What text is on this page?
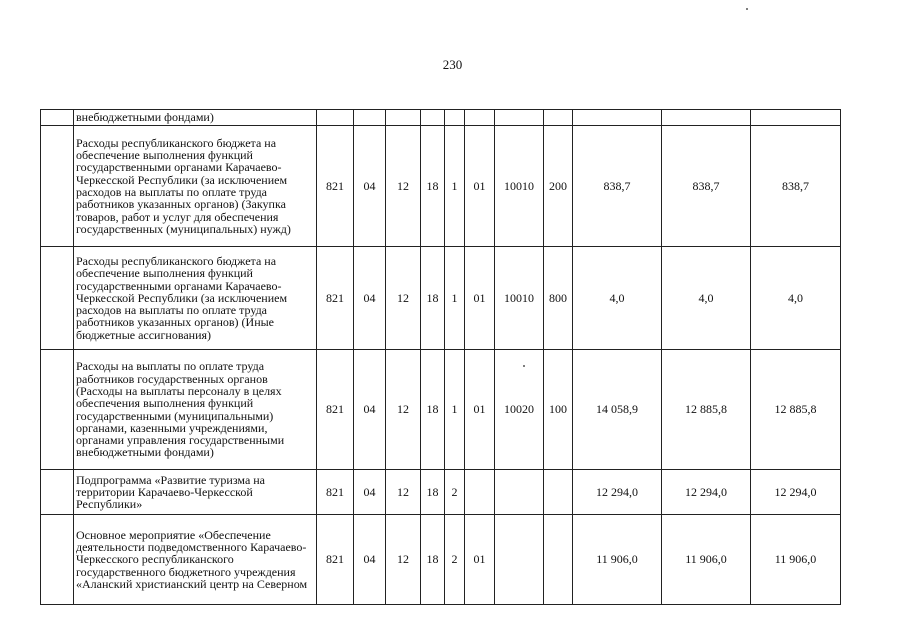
230
	внебюджетными фондами)											
	Расходы республиканского бюджета на обеспечение выполнения функций государственными органами Карачаево-Черкесской Республики (за исключением расходов на выплаты по оплате труда работников указанных органов) (Закупка товаров, работ и услуг для обеспечения государственных (муниципальных) нужд)	821	04	12	18	1	01	10010	200	838,7	838,7	838,7
	Расходы республиканского бюджета на обеспечение выполнения функций государственными органами Карачаево-Черкесской Республики (за исключением расходов на выплаты по оплате труда работников указанных органов) (Иные бюджетные ассигнования)	821	04	12	18	1	01	10010	800	4,0	4,0	4,0
	Расходы на выплаты по оплате труда работников государственных органов (Расходы на выплаты персоналу в целях обеспечения выполнения функций государственными (муниципальными) органами, казенными учреждениями, органами управления государственными внебюджетными фондами)	821	04	12	18	1	01	10020	100	14 058,9	12 885,8	12 885,8
	Подпрограмма «Развитие туризма на территории Карачаево-Черкесской Республики»	821	04	12	18	2				12 294,0	12 294,0	12 294,0
	Основное мероприятие «Обеспечение деятельности подведомственного Карачаево-Черкесского республиканского государственного бюджетного учреждения «Аланский христианский центр на Северном	821	04	12	18	2	01			11 906,0	11 906,0	11 906,0
